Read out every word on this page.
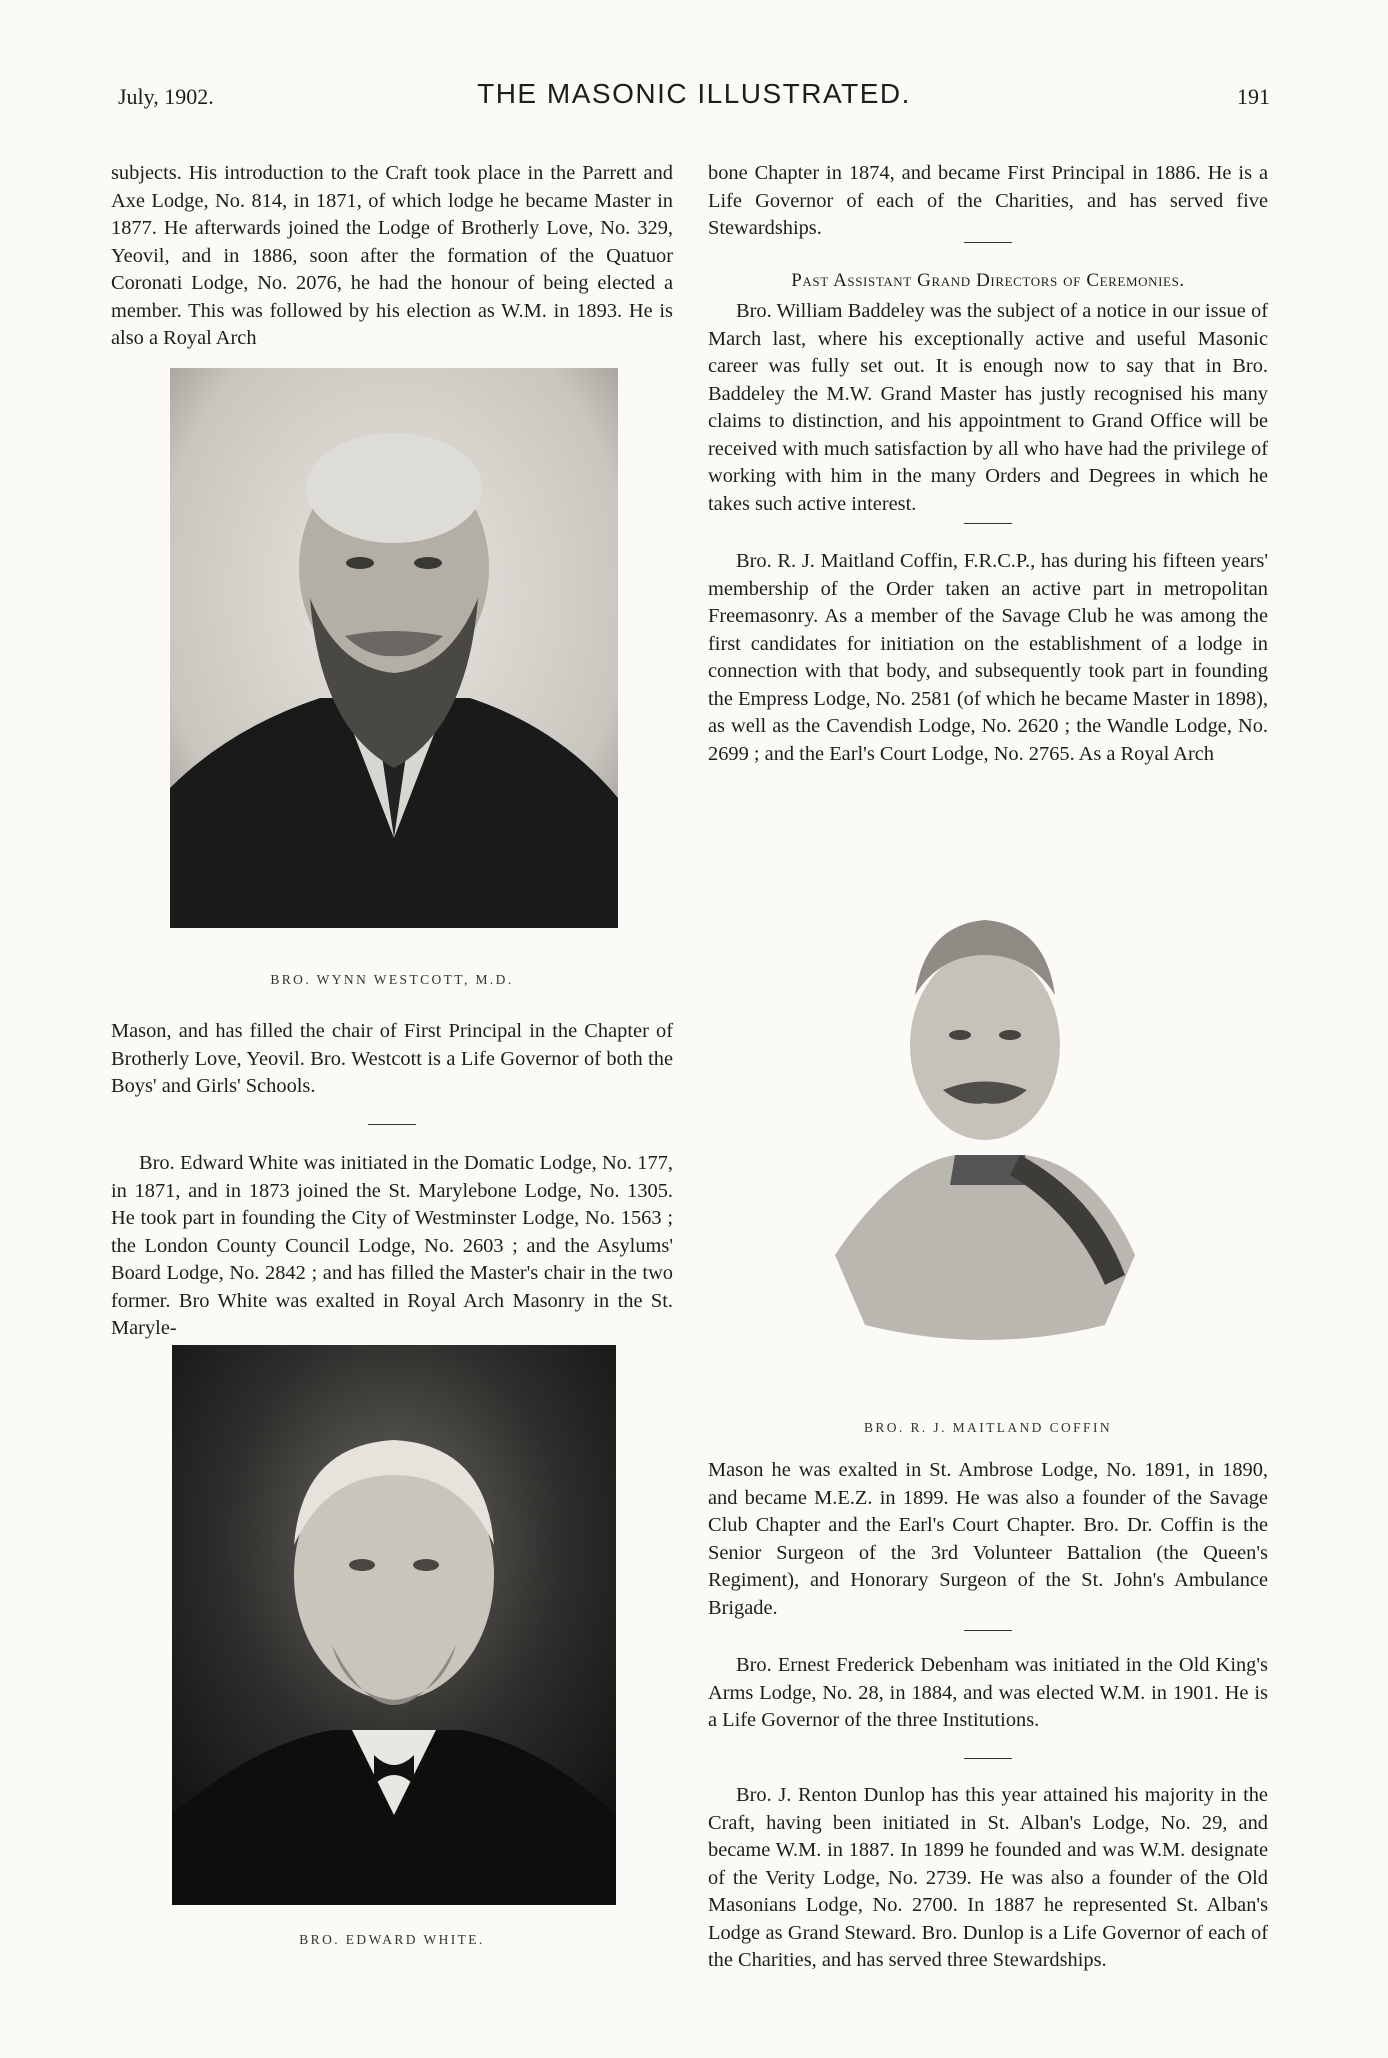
July, 1902.	THE MASONIC ILLUSTRATED.	191

subjects. His introduction to the Craft took place in the Parrett and Axe Lodge, No. 814, in 1871, of which lodge he became Master in 1877. He afterwards joined the Lodge of Brotherly Love, No. 329, Yeovil, and in 1886, soon after the formation of the Quatuor Coronati Lodge, No. 2076, he had the honour of being elected a member. This was followed by his election as W.M. in 1893. He is also a Royal Arch

BRO. WYNN WESTCOTT, M.D.

Mason, and has filled the chair of First Principal in the Chapter of Brotherly Love, Yeovil. Bro. Westcott is a Life Governor of both the Boys' and Girls' Schools.

Bro. Edward White was initiated in the Domatic Lodge, No. 177, in 1871, and in 1873 joined the St. Marylebone Lodge, No. 1305. He took part in founding the City of Westminster Lodge, No. 1563 ; the London County Council Lodge, No. 2603 ; and the Asylums' Board Lodge, No. 2842 ; and has filled the Master's chair in the two former. Bro White was exalted in Royal Arch Masonry in the St. Maryle-

BRO. EDWARD WHITE.

bone Chapter in 1874, and became First Principal in 1886. He is a Life Governor of each of the Charities, and has served five Stewardships.

Past Assistant Grand Directors of Ceremonies.

Bro. William Baddeley was the subject of a notice in our issue of March last, where his exceptionally active and useful Masonic career was fully set out. It is enough now to say that in Bro. Baddeley the M.W. Grand Master has justly recognised his many claims to distinction, and his appointment to Grand Office will be received with much satisfaction by all who have had the privilege of working with him in the many Orders and Degrees in which he takes such active interest.

Bro. R. J. Maitland Coffin, F.R.C.P., has during his fifteen years' membership of the Order taken an active part in metropolitan Freemasonry. As a member of the Savage Club he was among the first candidates for initiation on the establishment of a lodge in connection with that body, and subsequently took part in founding the Empress Lodge, No. 2581 (of which he became Master in 1898), as well as the Cavendish Lodge, No. 2620 ; the Wandle Lodge, No. 2699 ; and the Earl's Court Lodge, No. 2765. As a Royal Arch

BRO. R. J. MAITLAND COFFIN

Mason he was exalted in St. Ambrose Lodge, No. 1891, in 1890, and became M.E.Z. in 1899. He was also a founder of the Savage Club Chapter and the Earl's Court Chapter. Bro. Dr. Coffin is the Senior Surgeon of the 3rd Volunteer Battalion (the Queen's Regiment), and Honorary Surgeon of the St. John's Ambulance Brigade.

Bro. Ernest Frederick Debenham was initiated in the Old King's Arms Lodge, No. 28, in 1884, and was elected W.M. in 1901. He is a Life Governor of the three Institutions.

Bro. J. Renton Dunlop has this year attained his majority in the Craft, having been initiated in St. Alban's Lodge, No. 29, and became W.M. in 1887. In 1899 he founded and was W.M. designate of the Verity Lodge, No. 2739. He was also a founder of the Old Masonians Lodge, No. 2700. In 1887 he represented St. Alban's Lodge as Grand Steward. Bro. Dunlop is a Life Governor of each of the Charities, and has served three Stewardships.
